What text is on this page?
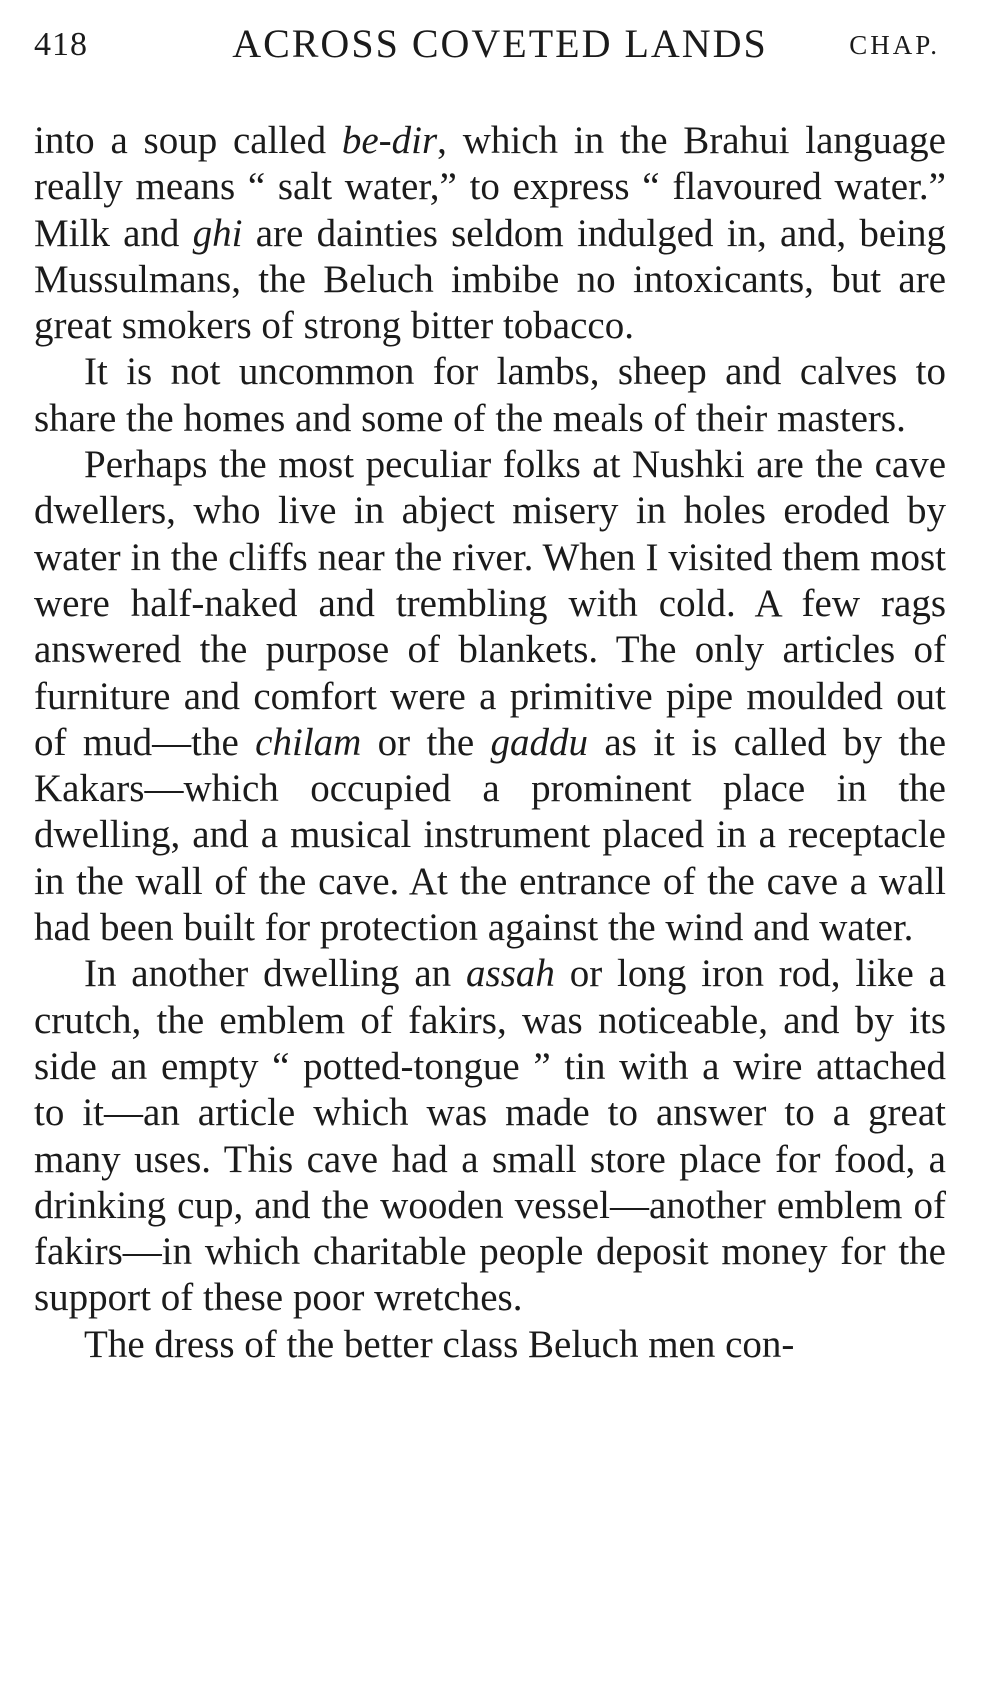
418	ACROSS COVETED LANDS	CHAP.

into a soup called be-dir, which in the Brahui language really means “ salt water,” to express “ flavoured water.” Milk and ghi are dainties seldom indulged in, and, being Mussulmans, the Beluch imbibe no intoxicants, but are great smokers of strong bitter tobacco.

It is not uncommon for lambs, sheep and calves to share the homes and some of the meals of their masters.

Perhaps the most peculiar folks at Nushki are the cave dwellers, who live in abject misery in holes eroded by water in the cliffs near the river. When I visited them most were half-naked and trembling with cold. A few rags answered the purpose of blankets. The only articles of furniture and comfort were a primitive pipe moulded out of mud—the chilam or the gaddu as it is called by the Kakars—which occupied a prominent place in the dwelling, and a musical instrument placed in a receptacle in the wall of the cave. At the entrance of the cave a wall had been built for protection against the wind and water.

In another dwelling an assah or long iron rod, like a crutch, the emblem of fakirs, was noticeable, and by its side an empty “ potted-tongue ” tin with a wire attached to it—an article which was made to answer to a great many uses. This cave had a small store place for food, a drinking cup, and the wooden vessel—another emblem of fakirs—in which charitable people deposit money for the support of these poor wretches.

The dress of the better class Beluch men con-
